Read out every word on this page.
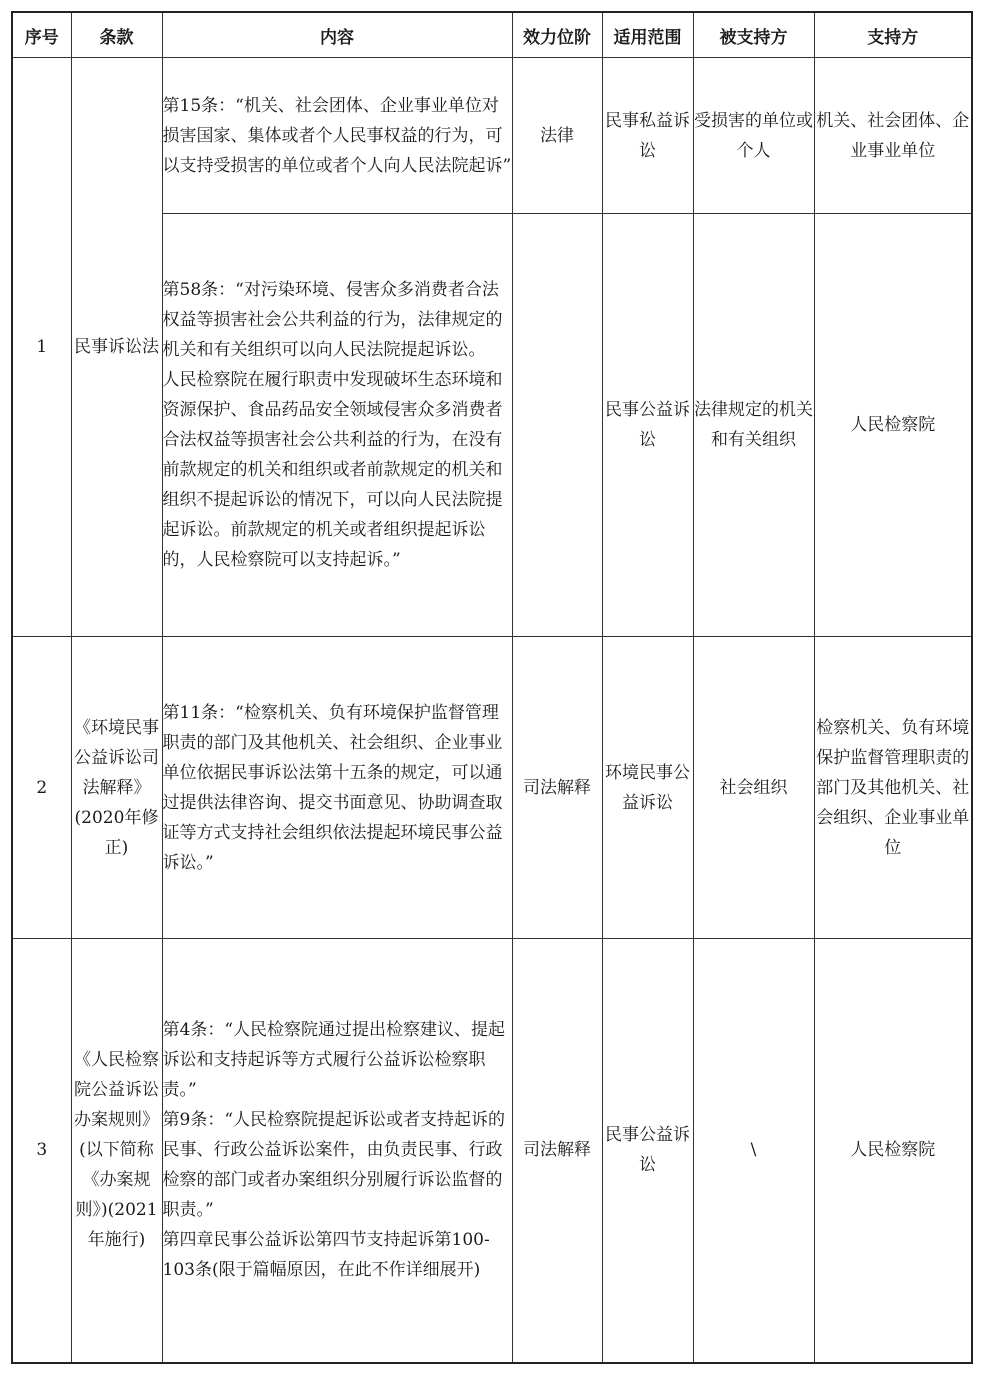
序号	条款	内容	效力位阶	适用范围	被支持方	支持方
1	民事诉讼法	第15条：“机关、社会团体、企业事业单位对损害国家、集体或者个人民事权益的行为，可以支持受损害的单位或者个人向人民法院起诉”	法律	民事私益诉讼	受损害的单位或个人	机关、社会团体、企业事业单位

		第58条：“对污染环境、侵害众多消费者合法权益等损害社会公共利益的行为，法律规定的机关和有关组织可以向人民法院提起诉讼。
人民检察院在履行职责中发现破坏生态环境和资源保护、食品药品安全领域侵害众多消费者合法权益等损害社会公共利益的行为，在没有前款规定的机关和组织或者前款规定的机关和组织不提起诉讼的情况下，可以向人民法院提起诉讼。前款规定的机关或者组织提起诉讼的，人民检察院可以支持起诉。”		民事公益诉讼	法律规定的机关和有关组织	人民检察院
2	《环境民事公益诉讼司法解释》(2020年修正)	第11条：“检察机关、负有环境保护监督管理职责的部门及其他机关、社会组织、企业事业单位依据民事诉讼法第十五条的规定，可以通过提供法律咨询、提交书面意见、协助调查取证等方式支持社会组织依法提起环境民事公益诉讼。”	司法解释	环境民事公益诉讼	社会组织	检察机关、负有环境保护监督管理职责的部门及其他机关、社会组织、企业事业单位
3	《人民检察院公益诉讼办案规则》(以下简称《办案规则》)(2021年施行)	第4条：“人民检察院通过提出检察建议、提起诉讼和支持起诉等方式履行公益诉讼检察职责。”
第9条：“人民检察院提起诉讼或者支持起诉的民事、行政公益诉讼案件，由负责民事、行政检察的部门或者办案组织分别履行诉讼监督的职责。”
第四章民事公益诉讼第四节支持起诉第100-103条(限于篇幅原因，在此不作详细展开)	司法解释	民事公益诉讼	\	人民检察院
